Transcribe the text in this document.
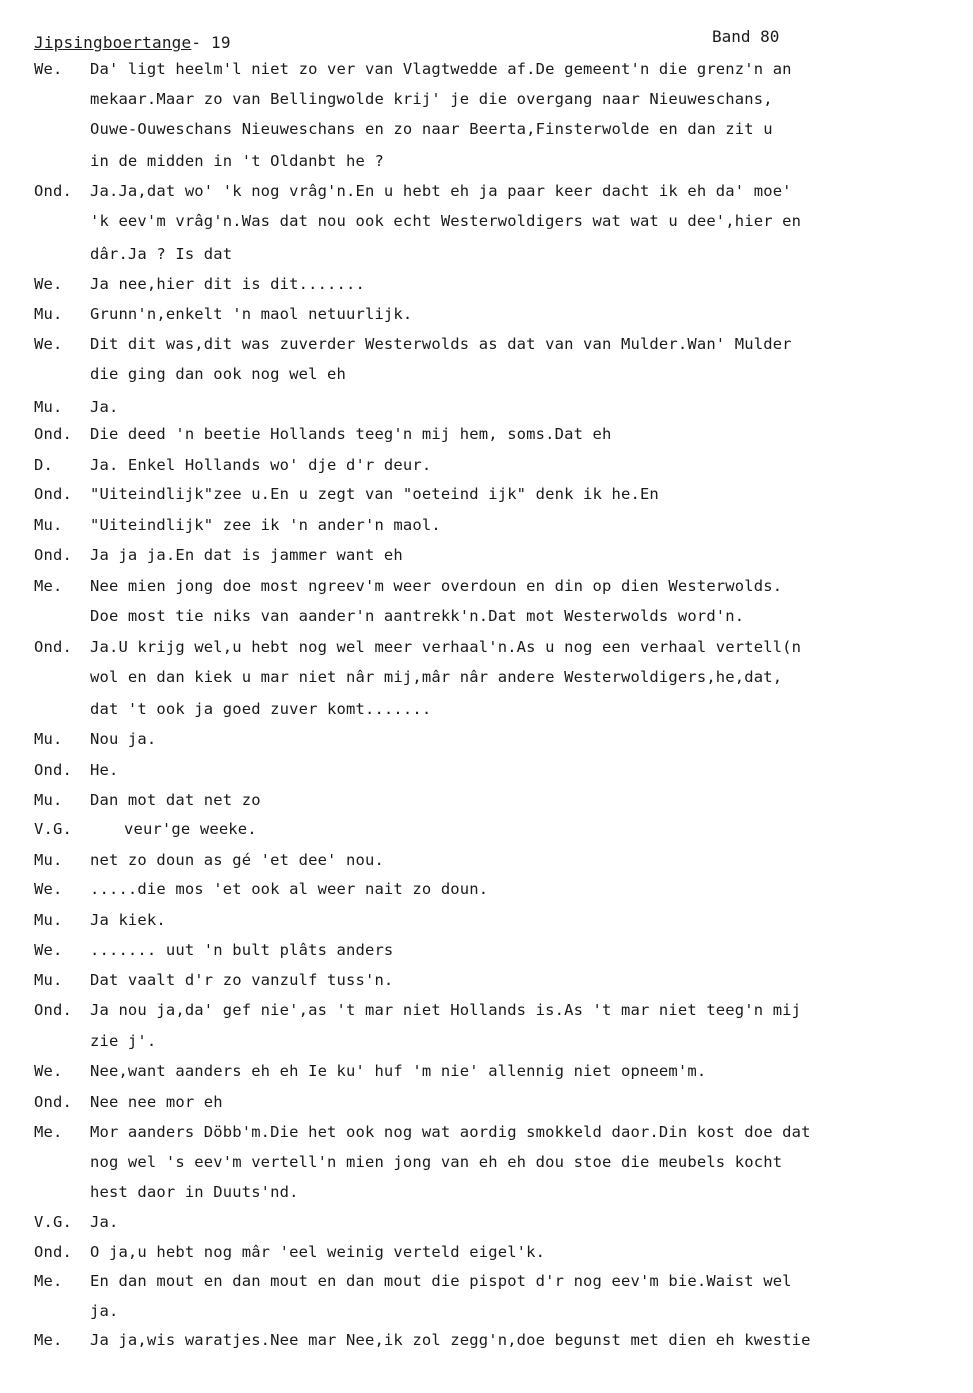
Jipsingboertange- 19	Band 80
We. Da' ligt heelm'l niet zo ver van Vlagtwedde af.De gemeent'n die grenz'n an
mekaar.Maar zo van Bellingwolde krij' je die overgang naar Nieuweschans,
Ouwe-Ouweschans Nieuweschans en zo naar Beerta,Finsterwolde en dan zit u
in de midden in 't Oldanbt he ?
Ond. Ja.Ja,dat wo' 'k nog vrâg'n.En u hebt eh ja paar keer dacht ik eh da' moe'
'k eev'm vrâg'n.Was dat nou ook echt Westerwoldigers wat wat u dee',hier en
dâr.Ja ? Is dat
We. Ja nee,hier dit is dit.......
Mu. Grunn'n,enkelt 'n maol netuurlijk.
We. Dit dit was,dit was zuverder Westerwolds as dat van van Mulder.Wan' Mulder
die ging dan ook nog wel eh
Mu. Ja.
Ond. Die deed 'n beetie Hollands teeg'n mij hem, soms.Dat eh
D. Ja. Enkel Hollands wo' dje d'r deur.
Ond. "Uiteindlijk"zee u.En u zegt van "oeteind ijk" denk ik he.En
Mu. "Uiteindlijk" zee ik 'n ander'n maol.
Ond. Ja ja ja.En dat is jammer want eh
Me. Nee mien jong doe most ngreev'm weer overdoun en din op dien Westerwolds.
Doe most tie niks van aander'n aantrekk'n.Dat mot Westerwolds word'n.
Ond. Ja.U krijg wel,u hebt nog wel meer verhaal'n.As u nog een verhaal vertell(n
wol en dan kiek u mar niet nâr mij,mâr nâr andere Westerwoldigers,he,dat,
dat 't ook ja goed zuver komt.......
Mu. Nou ja.
Ond. He.
Mu. Dan mot dat net zo
V.G.	veur'ge weeke.
Mu. net zo doun as gé 'et dee' nou.
We. .....die mos 'et ook al weer nait zo doun.
Mu. Ja kiek.
We. ....... uut 'n bult plâts anders
Mu. Dat vaalt d'r zo vanzulf tuss'n.
Ond. Ja nou ja,da' gef nie',as 't mar niet Hollands is.As 't mar niet teeg'n mij
zie j'.
We. Nee,want aanders eh eh Ie ku' huf 'm nie' allennig niet opneem'm.
Ond. Nee nee mor eh
Me. Mor aanders Döbb'm.Die het ook nog wat aordig smokkeld daor.Din kost doe dat
nog wel 's eev'm vertell'n mien jong van eh eh dou stoe die meubels kocht
hest daor in Duuts'nd.
V.G. Ja.
Ond. O ja,u hebt nog mâr 'eel weinig verteld eigel'k.
Me. En dan mout en dan mout en dan mout die pispot d'r nog eev'm bie.Waist wel
ja.
Me. Ja ja,wis waratjes.Nee mar Nee,ik zol zegg'n,doe begunst met dien eh kwestie
